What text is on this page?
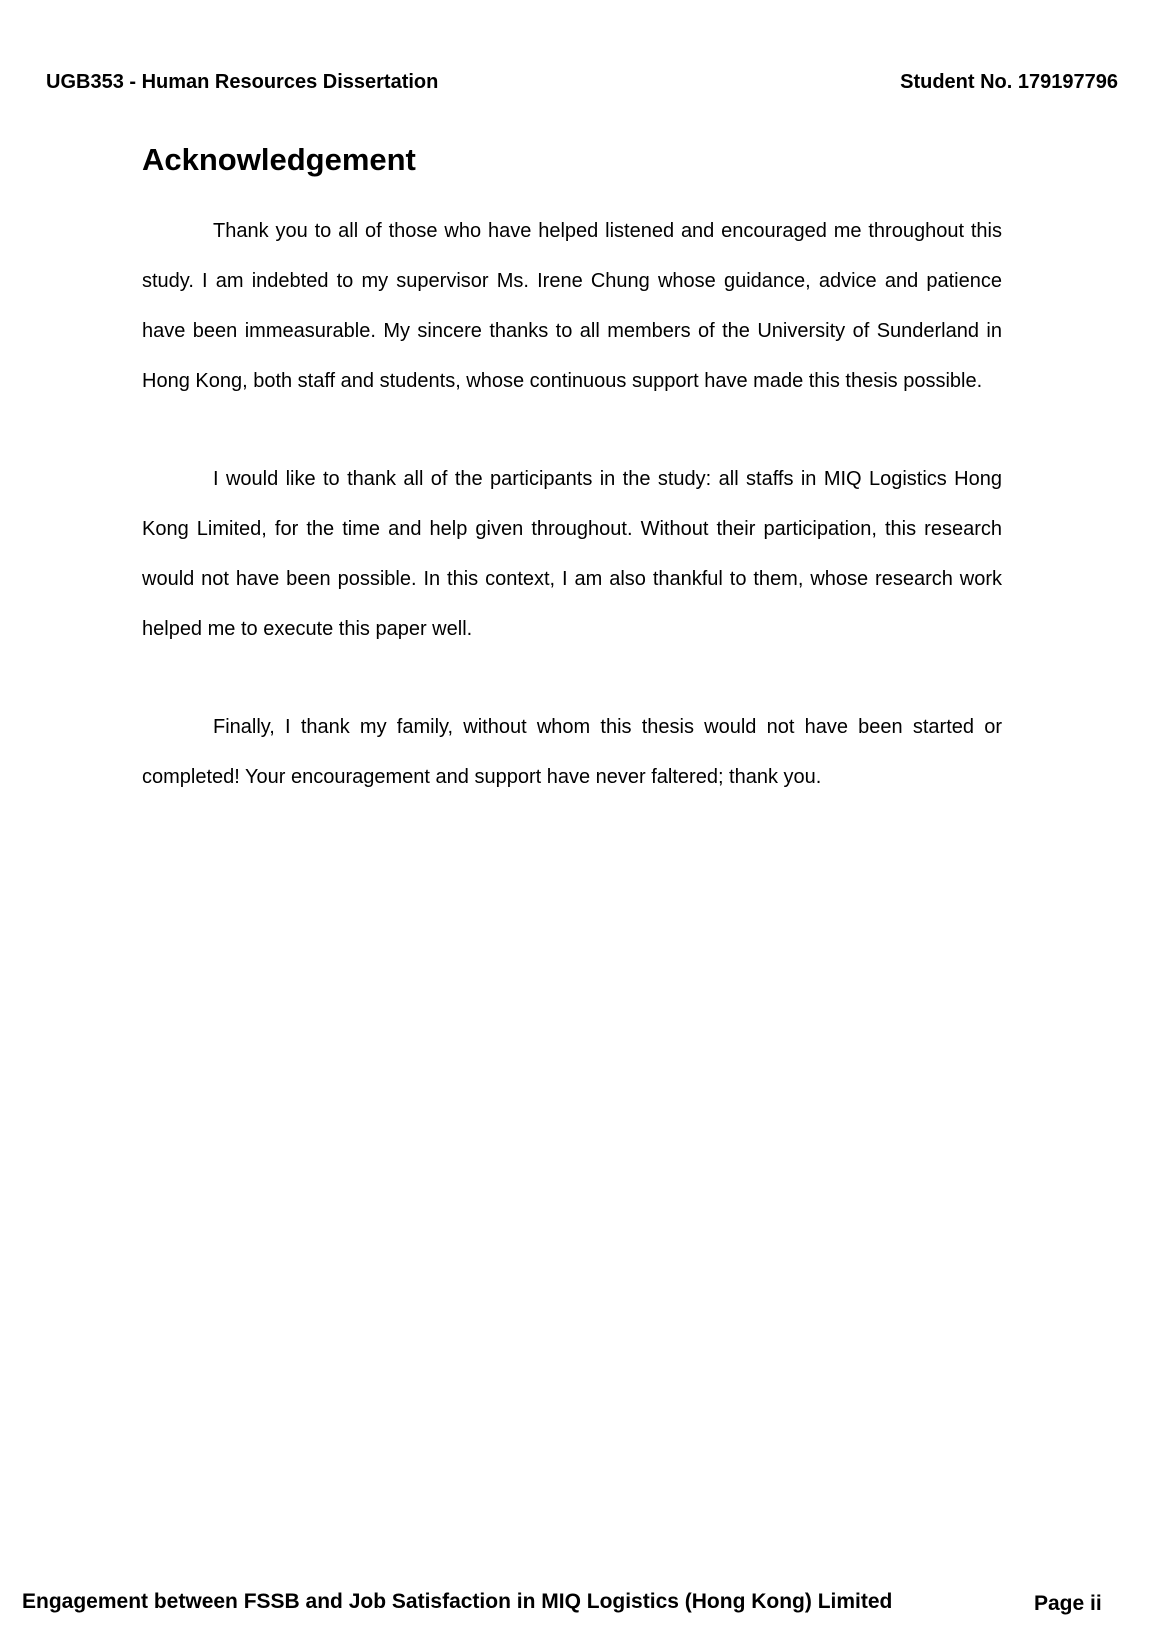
UGB353 - Human Resources Dissertation	Student No. 179197796
Acknowledgement

Thank you to all of those who have helped listened and encouraged me throughout this study. I am indebted to my supervisor Ms. Irene Chung whose guidance, advice and patience have been immeasurable. My sincere thanks to all members of the University of Sunderland in Hong Kong, both staff and students, whose continuous support have made this thesis possible.

I would like to thank all of the participants in the study: all staffs in MIQ Logistics Hong Kong Limited, for the time and help given throughout. Without their participation, this research would not have been possible. In this context, I am also thankful to them, whose research work helped me to execute this paper well.

Finally, I thank my family, without whom this thesis would not have been started or completed! Your encouragement and support have never faltered; thank you.

Engagement between FSSB and Job Satisfaction in MIQ Logistics (Hong Kong) Limited	Page ii
